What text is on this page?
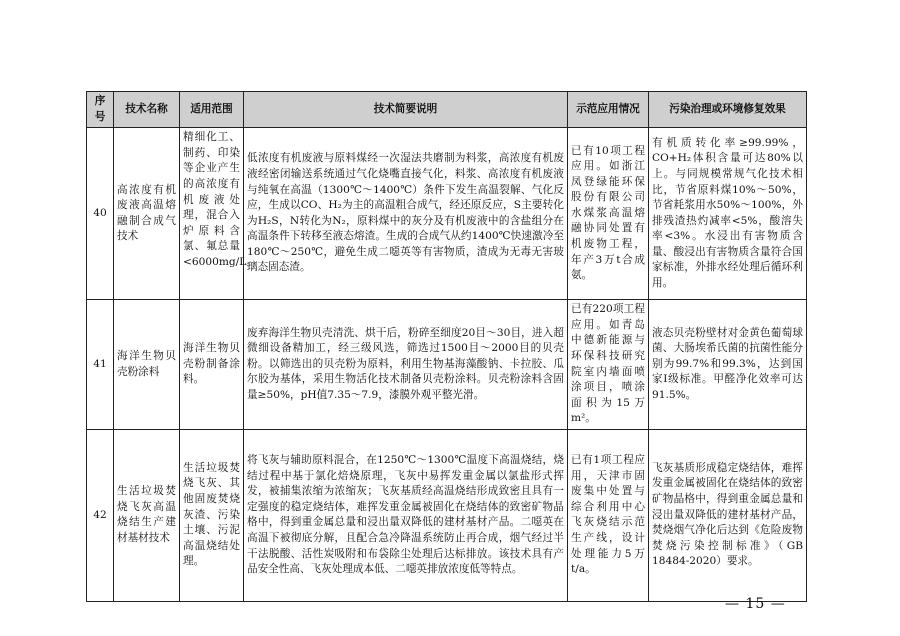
序号	技术名称	适用范围	技术简要说明	示范应用情况	污染治理或环境修复效果
40	高浓度有机废液高温熔融制合成气技术	精细化工、制药、印染等企业产生的高浓度有机废液处理，混合入炉原料含氯、氟总量<6000mg/L。	低浓度有机废液与原料煤经一次湿法共磨制为料浆，高浓度有机废液经密闭输送系统通过气化烧嘴直接气化，料浆、高浓度有机废液与纯氧在高温（1300℃～1400℃）条件下发生高温裂解、气化反应，生成以CO、H₂为主的高温粗合成气，经还原反应，S主要转化为H₂S，N转化为N₂，原料煤中的灰分及有机废液中的含盐组分在高温条件下转移至液态熔渣。生成的合成气从约1400℃快速激冷至180℃～250℃，避免生成二噁英等有害物质，渣成为无毒无害玻璃态固态渣。	已有10项工程应用。如浙江凤登绿能环保股份有限公司水煤浆高温熔融协同处置有机废物工程，年产3万t合成氨。	有机质转化率≥99.99%，CO+H₂体积含量可达80%以上。与同规模常规气化技术相比，节省原料煤10%～50%，节省耗浆用水50%～100%，外排残渣热灼减率<5%，酸溶失率<3%。水浸出有害物质含量、酸浸出有害物质含量符合国家标准，外排水经处理后循环利用。
41	海洋生物贝壳粉涂料	海洋生物贝壳粉制备涂料。	废弃海洋生物贝壳清洗、烘干后，粉碎至细度20目～30目，进入超微细设备精加工，经三级风选，筛选过1500目～2000目的贝壳粉。以筛选出的贝壳粉为原料，利用生物基海藻酸钠、卡拉胶、瓜尔胶为基体，采用生物活化技术制备贝壳粉涂料。贝壳粉涂料含固量≥50%，pH值7.35～7.9，漆膜外观平整光滑。	已有220项工程应用。如青岛中德新能源与环保科技研究院室内墙面喷涂项目，喷涂面积为15万m²。	液态贝壳粉壁材对金黄色葡萄球菌、大肠埃希氏菌的抗菌性能分别为99.7%和99.3%，达到国家Ⅰ级标准。甲醛净化效率可达91.5%。
42	生活垃圾焚烧飞灰高温烧结生产建材基材技术	生活垃圾焚烧飞灰、其他固废焚烧灰渣、污染土壤、污泥高温烧结处理。	将飞灰与辅助原料混合，在1250℃～1300℃温度下高温烧结，烧结过程中基于氯化焙烧原理，飞灰中易挥发重金属以氯盐形式挥发，被捕集浓缩为浓缩灰；飞灰基质经高温烧结形成致密且具有一定强度的稳定烧结体，难挥发重金属被固化在烧结体的致密矿物晶格中，得到重金属总量和浸出量双降低的建材基材产品。二噁英在高温下被彻底分解，且配合急冷降温系统防止再合成，烟气经过半干法脱酸、活性炭吸附和布袋除尘处理后达标排放。该技术具有产品安全性高、飞灰处理成本低、二噁英排放浓度低等特点。	已有1项工程应用，天津市固废集中处置与综合利用中心飞灰烧结示范生产线，设计处理能力5万t/a。	飞灰基质形成稳定烧结体，难挥发重金属被固化在烧结体的致密矿物晶格中，得到重金属总量和浸出量双降低的建材基材产品，焚烧烟气净化后达到《危险废物焚烧污染控制标准》（GB 18484-2020）要求。
— 15 —
